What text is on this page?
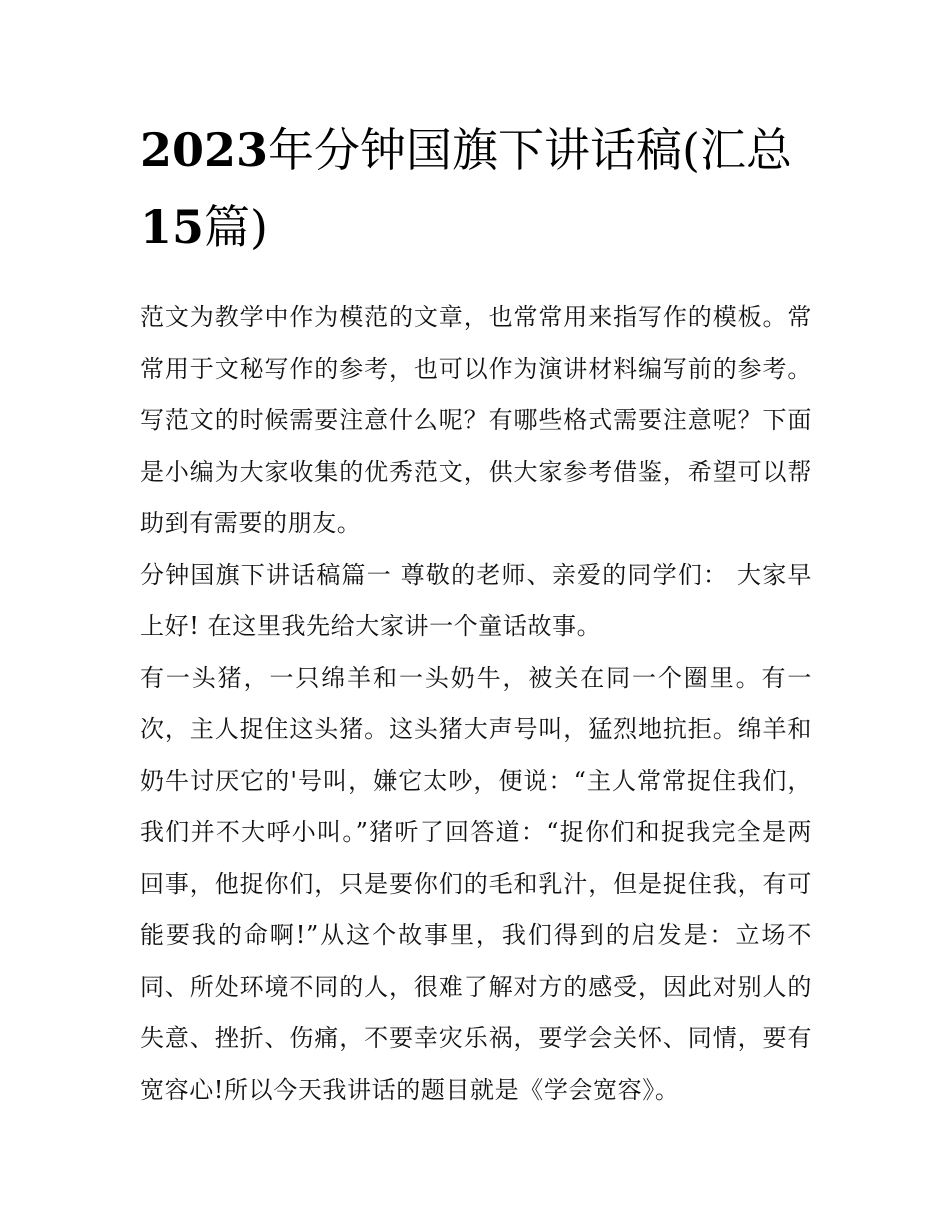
2023年分钟国旗下讲话稿(汇总15篇)

范文为教学中作为模范的文章，也常常用来指写作的模板。常常用于文秘写作的参考，也可以作为演讲材料编写前的参考。写范文的时候需要注意什么呢？有哪些格式需要注意呢？下面是小编为大家收集的优秀范文，供大家参考借鉴，希望可以帮助到有需要的朋友。

分钟国旗下讲话稿篇一 尊敬的老师、亲爱的同学们： 大家早上好! 在这里我先给大家讲一个童话故事。

有一头猪，一只绵羊和一头奶牛，被关在同一个圈里。有一次，主人捉住这头猪。这头猪大声号叫，猛烈地抗拒。绵羊和奶牛讨厌它的'号叫，嫌它太吵，便说：“主人常常捉住我们，我们并不大呼小叫。”猪听了回答道：“捉你们和捉我完全是两回事，他捉你们，只是要你们的毛和乳汁，但是捉住我，有可能要我的命啊!”从这个故事里，我们得到的启发是：立场不同、所处环境不同的人，很难了解对方的感受，因此对别人的失意、挫折、伤痛，不要幸灾乐祸，要学会关怀、同情，要有宽容心!所以今天我讲话的题目就是《学会宽容》。
